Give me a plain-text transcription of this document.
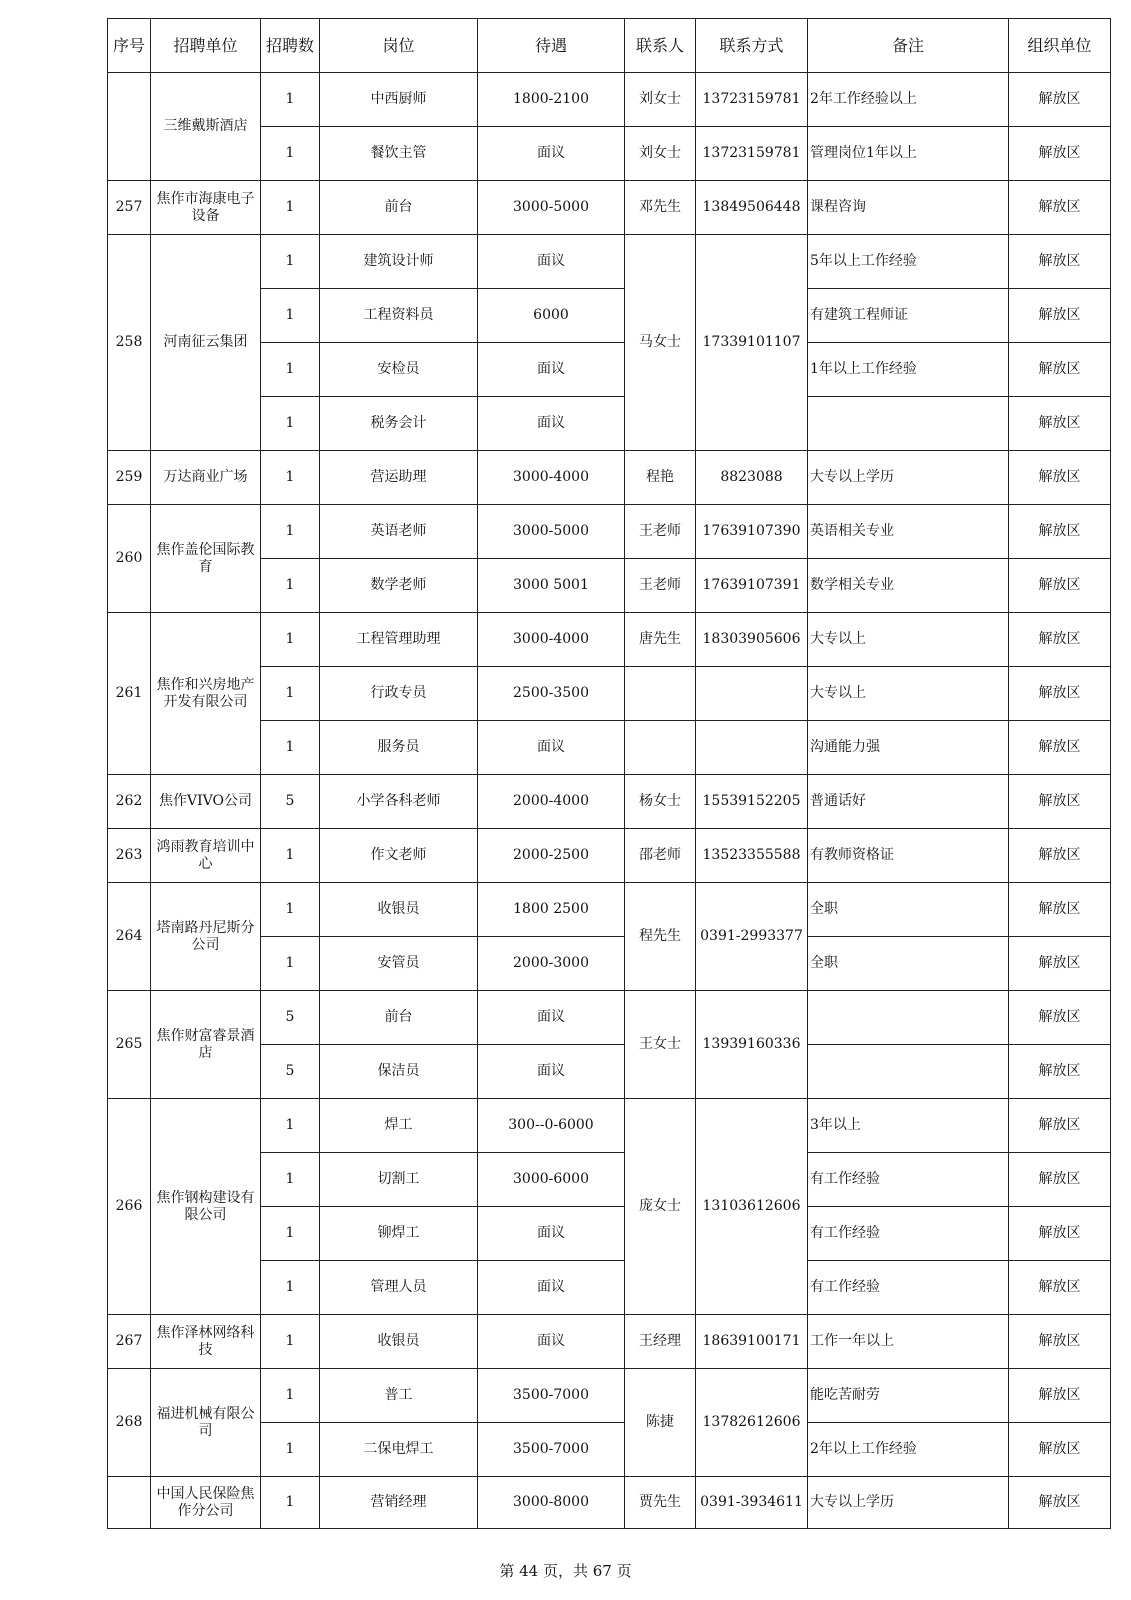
序号	招聘单位	招聘数	岗位	待遇	联系人	联系方式	备注	组织单位
	三维戴斯酒店	1	中西厨师	1800-2100	刘女士	13723159781	2年工作经验以上	解放区
		1	餐饮主管	面议	刘女士	13723159781	管理岗位1年以上	解放区
257	焦作市海康电子设备	1	前台	3000-5000	邓先生	13849506448	课程咨询	解放区
258	河南征云集团	1	建筑设计师	面议	马女士	17339101107	5年以上工作经验	解放区
		1	工程资料员	6000			有建筑工程师证	解放区
		1	安检员	面议			1年以上工作经验	解放区
		1	税务会计	面议				解放区
259	万达商业广场	1	营运助理	3000-4000	程艳	8823088	大专以上学历	解放区
260	焦作盖伦国际教育	1	英语老师	3000-5000	王老师	17639107390	英语相关专业	解放区
		1	数学老师	3000 5001	王老师	17639107391	数学相关专业	解放区
261	焦作和兴房地产开发有限公司	1	工程管理助理	3000-4000	唐先生	18303905606	大专以上	解放区
		1	行政专员	2500-3500			大专以上	解放区
		1	服务员	面议			沟通能力强	解放区
262	焦作VIVO公司	5	小学各科老师	2000-4000	杨女士	15539152205	普通话好	解放区
263	鸿雨教育培训中心	1	作文老师	2000-2500	邵老师	13523355588	有教师资格证	解放区
264	塔南路丹尼斯分公司	1	收银员	1800 2500	程先生	0391-2993377	全职	解放区
		1	安管员	2000-3000			全职	解放区
265	焦作财富睿景酒店	5	前台	面议	王女士	13939160336		解放区
		5	保洁员	面议				解放区
266	焦作钢构建设有限公司	1	焊工	300--0-6000	庞女士	13103612606	3年以上	解放区
		1	切割工	3000-6000			有工作经验	解放区
		1	铆焊工	面议			有工作经验	解放区
		1	管理人员	面议			有工作经验	解放区
267	焦作泽林网络科技	1	收银员	面议	王经理	18639100171	工作一年以上	解放区
268	福进机械有限公司	1	普工	3500-7000	陈捷	13782612606	能吃苦耐劳	解放区
		1	二保电焊工	3500-7000			2年以上工作经验	解放区
	中国人民保险焦作分公司	1	营销经理	3000-8000	贾先生	0391-3934611	大专以上学历	解放区
第 44 页，共 67 页
